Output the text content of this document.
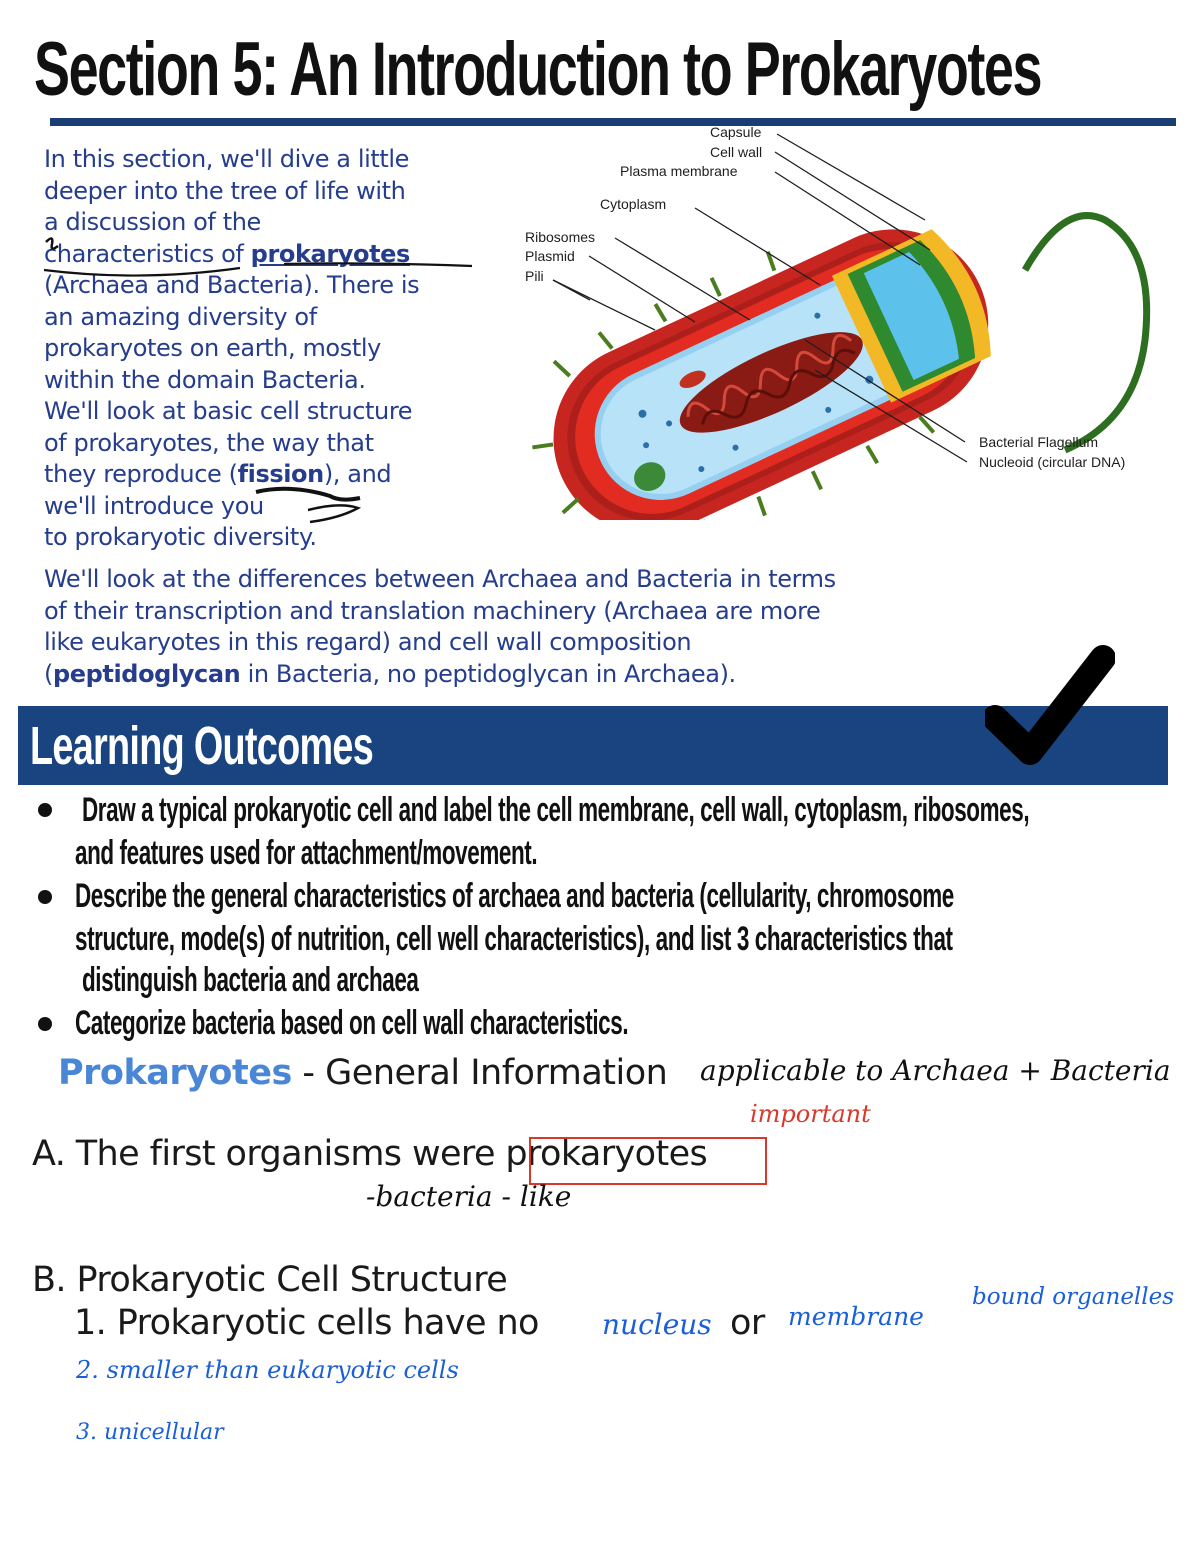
Section 5: An Introduction to Prokaryotes

In this section, we'll dive a little
deeper into the tree of life with
a discussion of the
characteristics of prokaryotes
(Archaea and Bacteria). There is
an amazing diversity of
prokaryotes on earth, mostly
within the domain Bacteria.
We'll look at basic cell structure
of prokaryotes, the way that
they reproduce (fission), and
we'll introduce you
to prokaryotic diversity.

Capsule
Cell wall
Plasma membrane
Cytoplasm
Ribosomes
Plasmid
Pili
Bacterial Flagellum
Nucleoid (circular DNA)

We'll look at the differences between Archaea and Bacteria in terms
of their transcription and translation machinery (Archaea are more
like eukaryotes in this regard) and cell wall composition
(peptidoglycan in Bacteria, no peptidoglycan in Archaea).

Learning Outcomes
Draw a typical prokaryotic cell and label the cell membrane, cell wall, cytoplasm, ribosomes,
and features used for attachment/movement.
Describe the general characteristics of archaea and bacteria (cellularity, chromosome
structure, mode(s) of nutrition, cell well characteristics), and list 3 characteristics that
distinguish bacteria and archaea
Categorize bacteria based on cell wall characteristics.
Prokaryotes - General Information applicable to Archaea + Bacteria
important
A. The first organisms were prokaryotes
-bacteria - like
B. Prokaryotic Cell Structure
1. Prokaryotic cells have no nucleus or membrane
bound organelles
2. smaller than eukaryotic cells
3. unicellular
